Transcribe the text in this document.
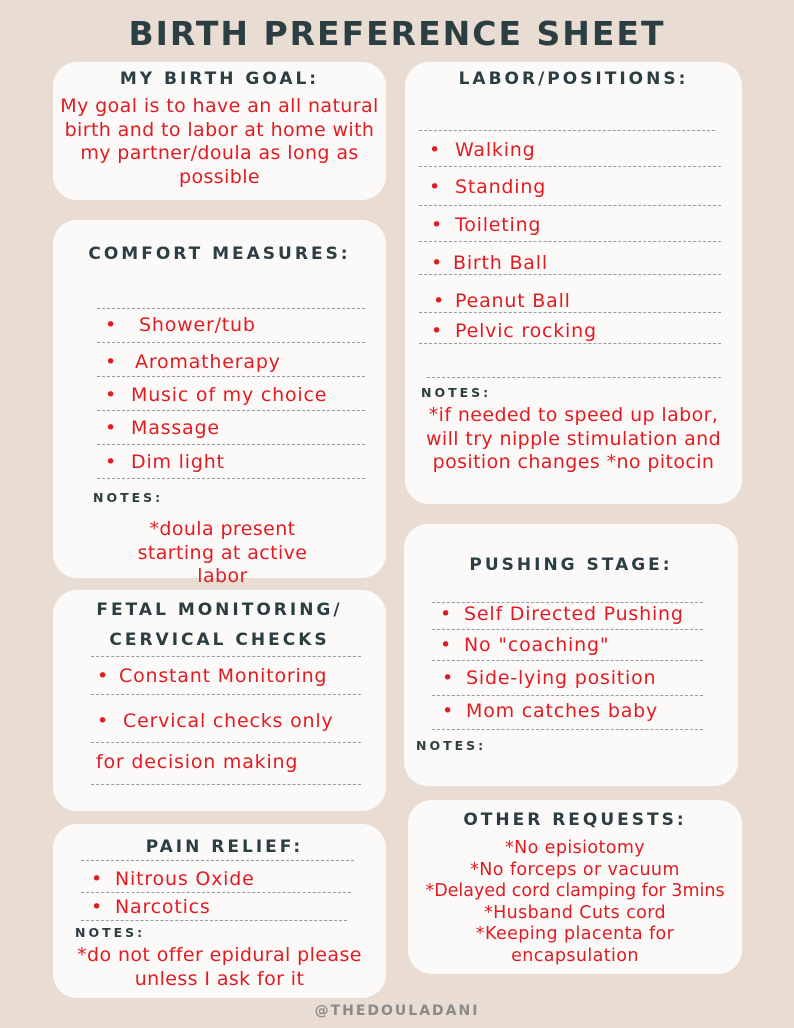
BIRTH PREFERENCE SHEET
MY BIRTH GOAL:
My goal is to have an all natural birth and to labor at home with my partner/doula as long as possible
COMFORT MEASURES:
• Shower/tub
• Aromatherapy
• Music of my choice
• Massage
• Dim light
NOTES:
*doula present starting at active labor
FETAL MONITORING/
CERVICAL CHECKS
• Constant Monitoring
• Cervical checks only
for decision making
PAIN RELIEF:
• Nitrous Oxide
• Narcotics
NOTES:
*do not offer epidural please unless I ask for it
LABOR/POSITIONS:
• Walking
• Standing
• Toileting
• Birth Ball
• Peanut Ball
• Pelvic rocking
NOTES:
*if needed to speed up labor, will try nipple stimulation and position changes *no pitocin
PUSHING STAGE:
• Self Directed Pushing
• No "coaching"
• Side-lying position
• Mom catches baby
NOTES:
OTHER REQUESTS:
*No episiotomy
*No forceps or vacuum
*Delayed cord clamping for 3mins
*Husband Cuts cord
*Keeping placenta for
encapsulation
@THEDOULADANI
